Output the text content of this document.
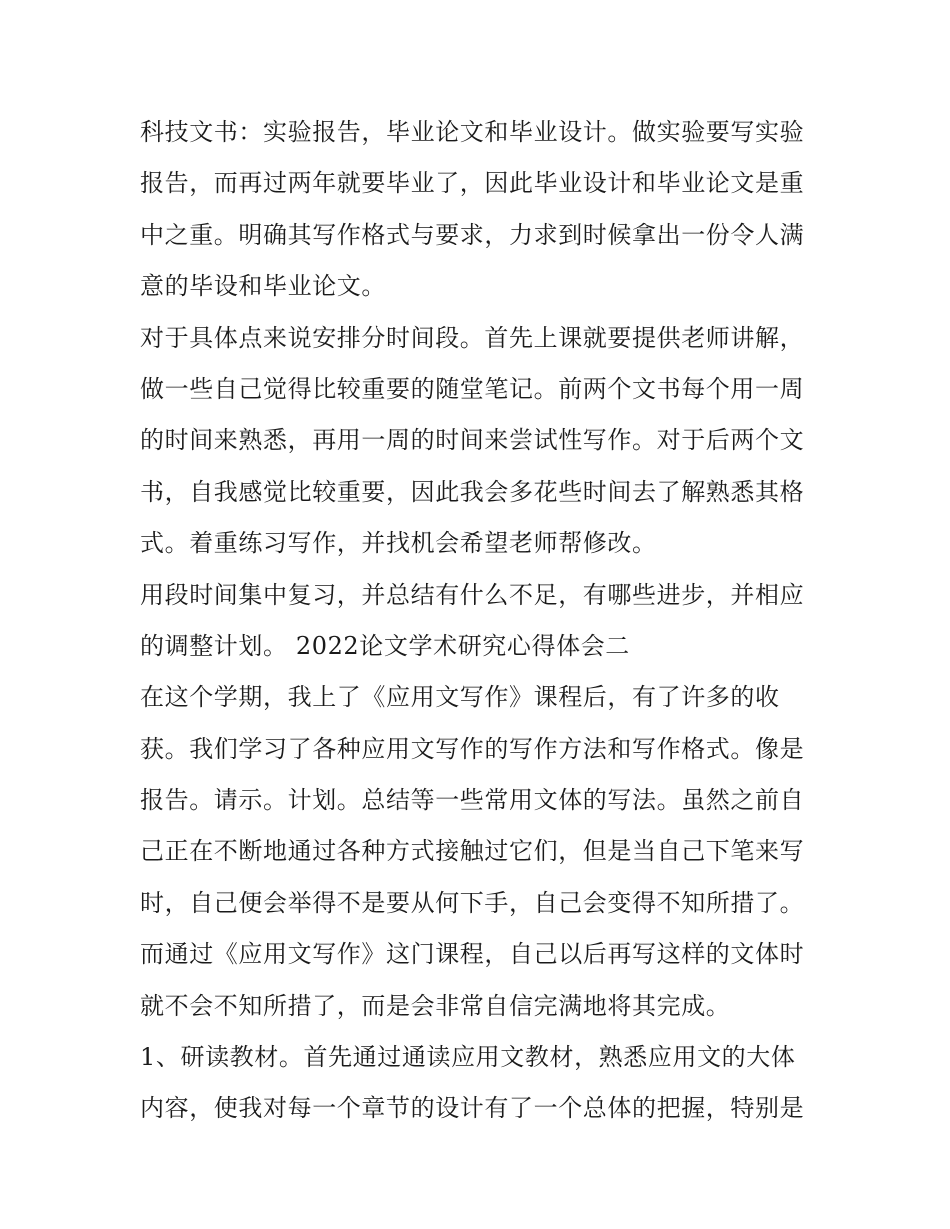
科技文书：实验报告，毕业论文和毕业设计。做实验要写实验
报告，而再过两年就要毕业了，因此毕业设计和毕业论文是重
中之重。明确其写作格式与要求，力求到时候拿出一份令人满
意的毕设和毕业论文。
对于具体点来说安排分时间段。首先上课就要提供老师讲解，
做一些自己觉得比较重要的随堂笔记。前两个文书每个用一周
的时间来熟悉，再用一周的时间来尝试性写作。对于后两个文
书，自我感觉比较重要，因此我会多花些时间去了解熟悉其格
式。着重练习写作，并找机会希望老师帮修改。
用段时间集中复习，并总结有什么不足，有哪些进步，并相应
的调整计划。 2022论文学术研究心得体会二
在这个学期，我上了《应用文写作》课程后，有了许多的收
获。我们学习了各种应用文写作的写作方法和写作格式。像是
报告。请示。计划。总结等一些常用文体的写法。虽然之前自
己正在不断地通过各种方式接触过它们，但是当自己下笔来写
时，自己便会举得不是要从何下手，自己会变得不知所措了。
而通过《应用文写作》这门课程，自己以后再写这样的文体时
就不会不知所措了，而是会非常自信完满地将其完成。
1、研读教材。首先通过通读应用文教材，熟悉应用文的大体
内容，使我对每一个章节的设计有了一个总体的把握，特别是
